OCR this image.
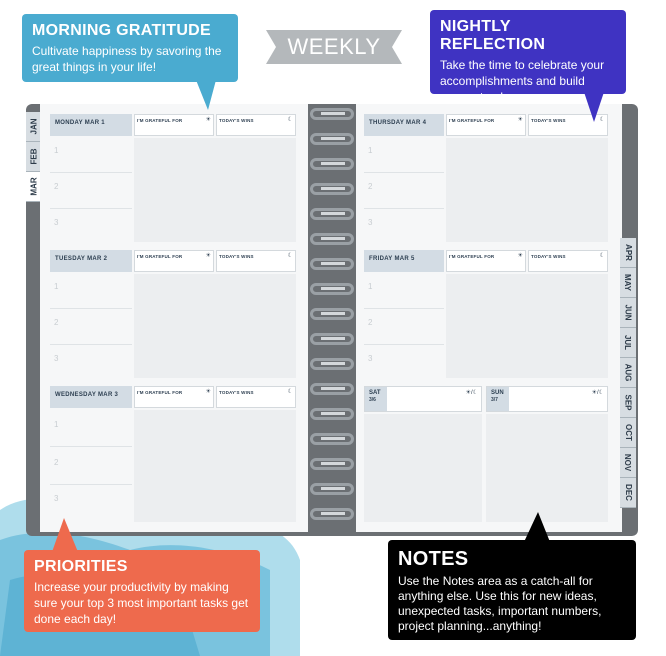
WEEKLY
JAN
FEB
MAR
MONDAY MAR 1	I'M GRATEFUL FOR	☀ TODAY'S WINS	☾
1
2
3
TUESDAY MAR 2	I'M GRATEFUL FOR	☀ TODAY'S WINS	☾
1
2
3
WEDNESDAY MAR 3	I'M GRATEFUL FOR	☀ TODAY'S WINS	☾
1
2
3
THURSDAY MAR 4	I'M GRATEFUL FOR	☀ TODAY'S WINS	☾
1
2
3
FRIDAY MAR 5	I'M GRATEFUL FOR	☀ TODAY'S WINS	☾
1
2
3
SAT
3/6
☀/☾	SUN
3/7
☀/☾
APR
MAY
JUN
JUL
AUG
SEP
OCT
NOV
DEC
MORNING GRATITUDE
Cultivate happiness by savoring the great things in your life!
NIGHTLY REFLECTION
Take the time to celebrate your accomplishments and build momentum!
PRIORITIES
Increase your productivity by making sure your top 3 most important tasks get done each day!
NOTES
Use the Notes area as a catch-all for anything else. Use this for new ideas, unexpected tasks, important numbers, project planning...anything!
